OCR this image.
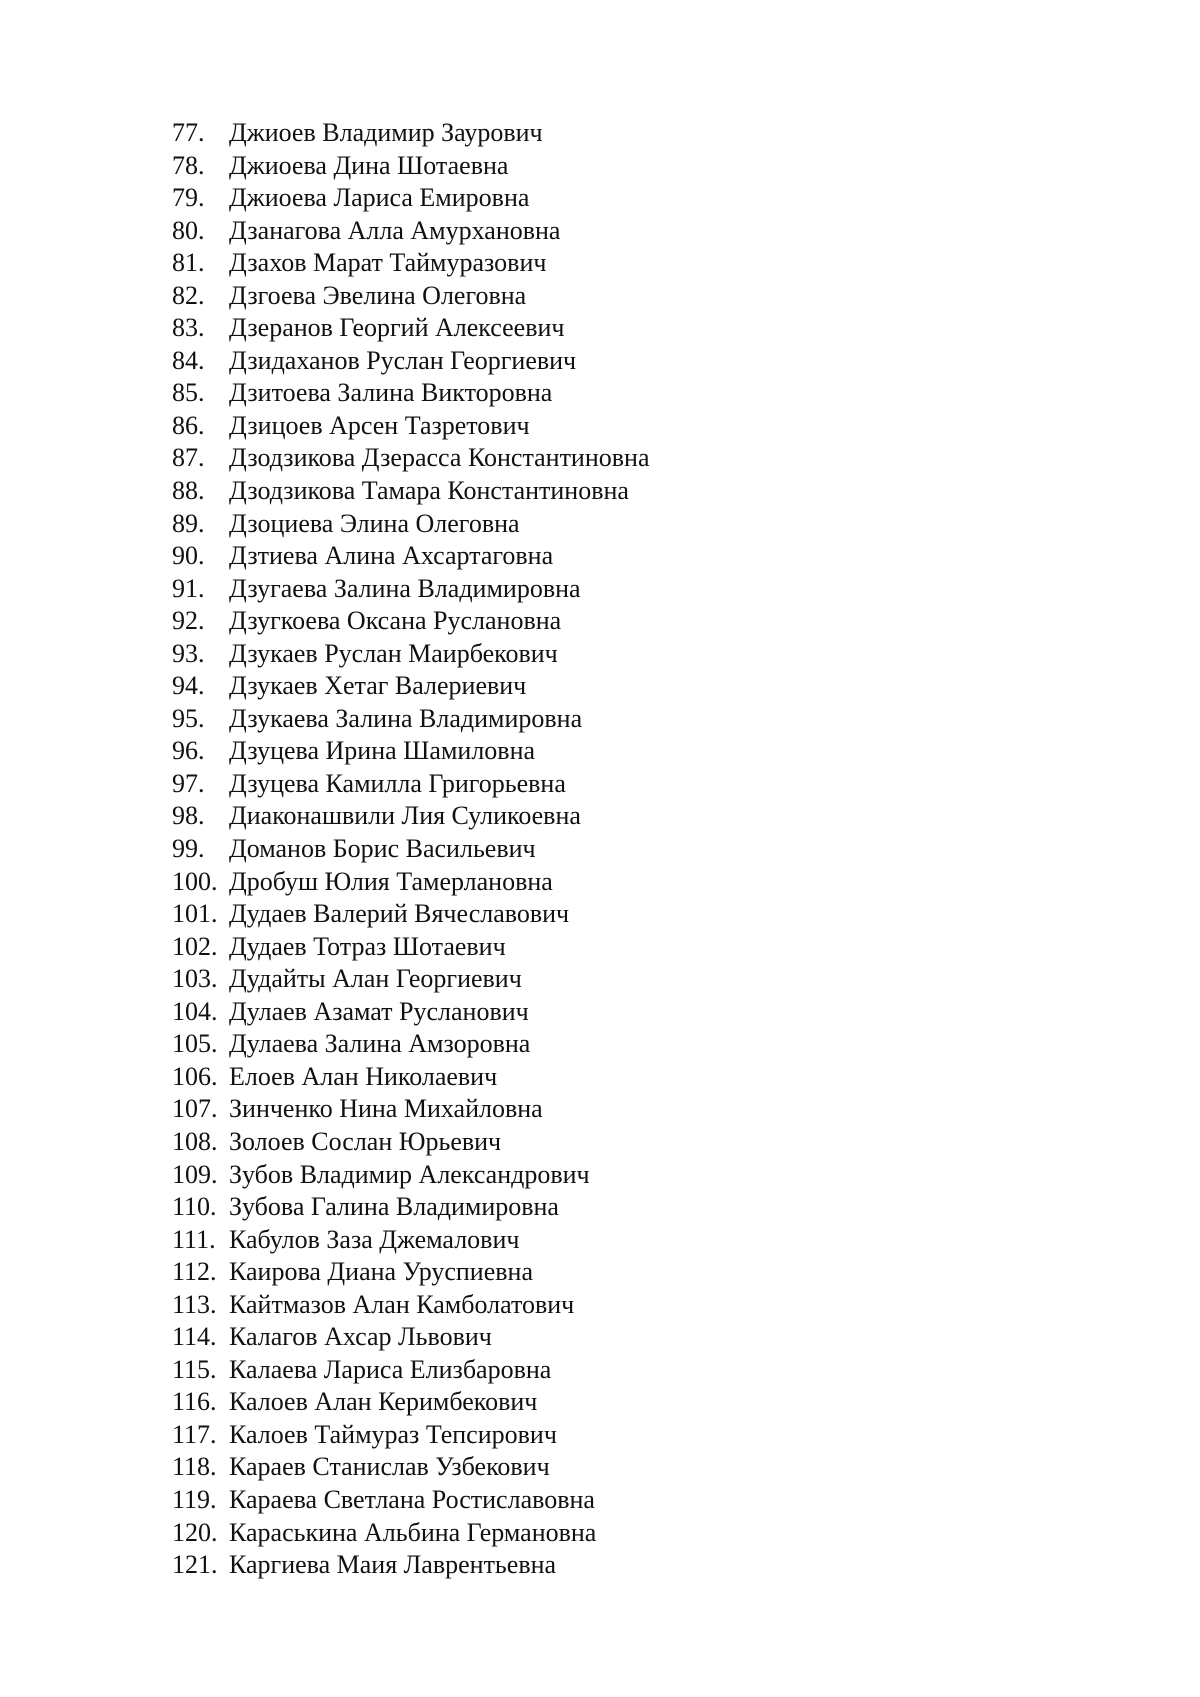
77. Джиоев Владимир Заурович
78. Джиоева Дина Шотаевна
79. Джиоева Лариса Емировна
80. Дзанагова Алла Амурхановна
81. Дзахов Марат Таймуразович
82. Дзгоева Эвелина Олеговна
83. Дзеранов Георгий Алексеевич
84. Дзидаханов Руслан Георгиевич
85. Дзитоева Залина Викторовна
86. Дзицоев Арсен Тазретович
87. Дзодзикова Дзерасса Константиновна
88. Дзодзикова Тамара Константиновна
89. Дзоциева Элина Олеговна
90. Дзтиева Алина Ахсартаговна
91. Дзугаева Залина Владимировна
92. Дзугкоева Оксана Руслановна
93. Дзукаев Руслан Маирбекович
94. Дзукаев Хетаг Валериевич
95. Дзукаева Залина Владимировна
96. Дзуцева Ирина Шамиловна
97. Дзуцева Камилла Григорьевна
98. Диаконашвили Лия Суликоевна
99. Доманов Борис Васильевич
100. Дробуш Юлия Тамерлановна
101. Дудаев Валерий Вячеславович
102. Дудаев Тотраз Шотаевич
103. Дудайты Алан Георгиевич
104. Дулаев Азамат Русланович
105. Дулаева Залина Амзоровна
106. Елоев Алан Николаевич
107. Зинченко Нина Михайловна
108. Золоев Сослан Юрьевич
109. Зубов Владимир Александрович
110. Зубова Галина Владимировна
111. Кабулов Заза Джемалович
112. Каирова Диана Уруспиевна
113. Кайтмазов Алан Камболатович
114. Калагов Ахсар Львович
115. Калаева Лариса Елизбаровна
116. Калоев Алан Керимбекович
117. Калоев Таймураз Тепсирович
118. Караев Станислав Узбекович
119. Караева Светлана Ростиславовна
120. Караськина Альбина Германовна
121. Каргиева Маия Лаврентьевна
